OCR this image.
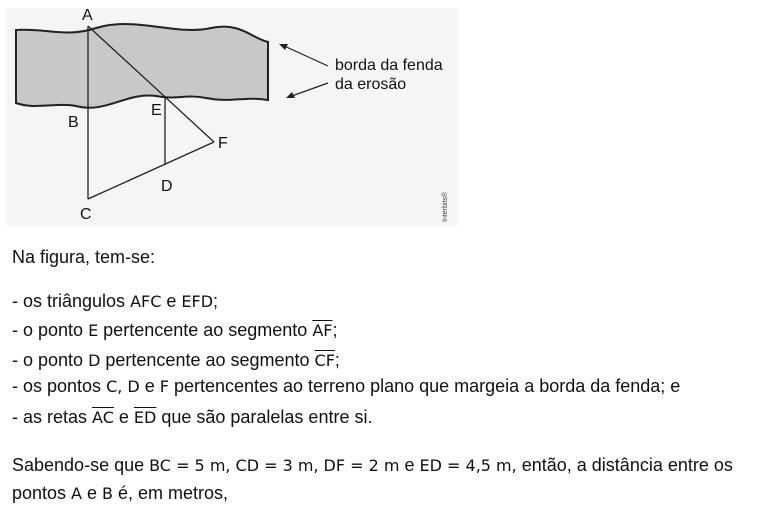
A
B
C
D
E
F
borda da fenda
da erosão
Interbits®
Na figura, tem-se:
- os triângulos AFC e EFD;
- o ponto E pertencente ao segmento $\overline{AF}$;
- o ponto D pertencente ao segmento $\overline{CF}$;
- os pontos C, D e F pertencentes ao terreno plano que margeia a borda da fenda; e
- as retas $\overline{AC}$ e $\overline{ED}$ que são paralelas entre si.
Sabendo-se que BC = 5 m, CD = 3 m, DF = 2 m e ED = 4,5 m, então, a distância entre os
pontos A e B é, em metros,
